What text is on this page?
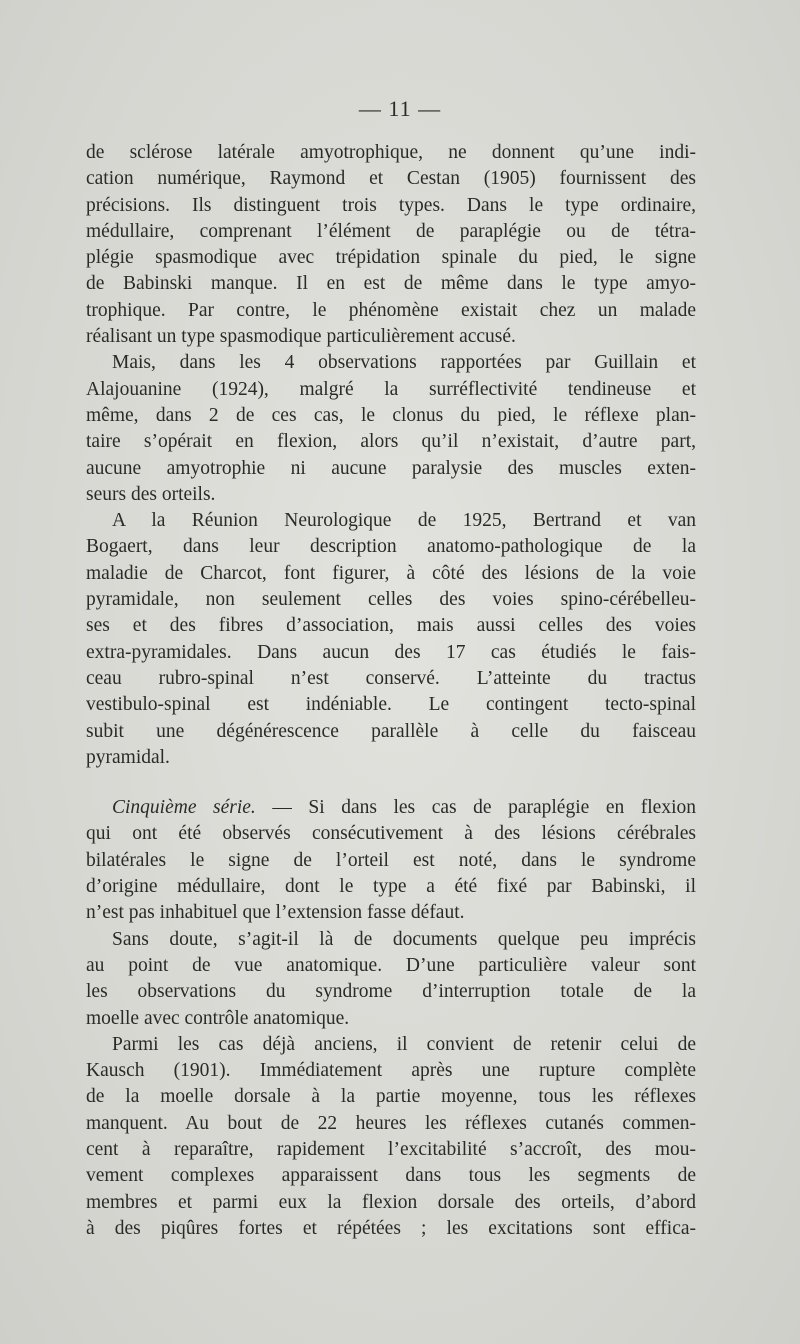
— 11 —

de sclérose latérale amyotrophique, ne donnent qu’une indi-
cation numérique, Raymond et Cestan (1905) fournissent des
précisions. Ils distinguent trois types. Dans le type ordinaire,
médullaire, comprenant l’élément de paraplégie ou de tétra-
plégie spasmodique avec trépidation spinale du pied, le signe
de Babinski manque. Il en est de même dans le type amyo-
trophique. Par contre, le phénomène existait chez un malade
réalisant un type spasmodique particulièrement accusé.

Mais, dans les 4 observations rapportées par Guillain et
Alajouanine (1924), malgré la surréflectivité tendineuse et
même, dans 2 de ces cas, le clonus du pied, le réflexe plan-
taire s’opérait en flexion, alors qu’il n’existait, d’autre part,
aucune amyotrophie ni aucune paralysie des muscles exten-
seurs des orteils.

A la Réunion Neurologique de 1925, Bertrand et van
Bogaert, dans leur description anatomo-pathologique de la
maladie de Charcot, font figurer, à côté des lésions de la voie
pyramidale, non seulement celles des voies spino-cérébelleu-
ses et des fibres d’association, mais aussi celles des voies
extra-pyramidales. Dans aucun des 17 cas étudiés le fais-
ceau rubro-spinal n’est conservé. L’atteinte du tractus
vestibulo-spinal est indéniable. Le contingent tecto-spinal
subit une dégénérescence parallèle à celle du faisceau
pyramidal.

Cinquième série. — Si dans les cas de paraplégie en flexion
qui ont été observés consécutivement à des lésions cérébrales
bilatérales le signe de l’orteil est noté, dans le syndrome
d’origine médullaire, dont le type a été fixé par Babinski, il
n’est pas inhabituel que l’extension fasse défaut.

Sans doute, s’agit-il là de documents quelque peu imprécis
au point de vue anatomique. D’une particulière valeur sont
les observations du syndrome d’interruption totale de la
moelle avec contrôle anatomique.

Parmi les cas déjà anciens, il convient de retenir celui de
Kausch (1901). Immédiatement après une rupture complète
de la moelle dorsale à la partie moyenne, tous les réflexes
manquent. Au bout de 22 heures les réflexes cutanés commen-
cent à reparaître, rapidement l’excitabilité s’accroît, des mou-
vement complexes apparaissent dans tous les segments de
membres et parmi eux la flexion dorsale des orteils, d’abord
à des piqûres fortes et répétées ; les excitations sont effica-
